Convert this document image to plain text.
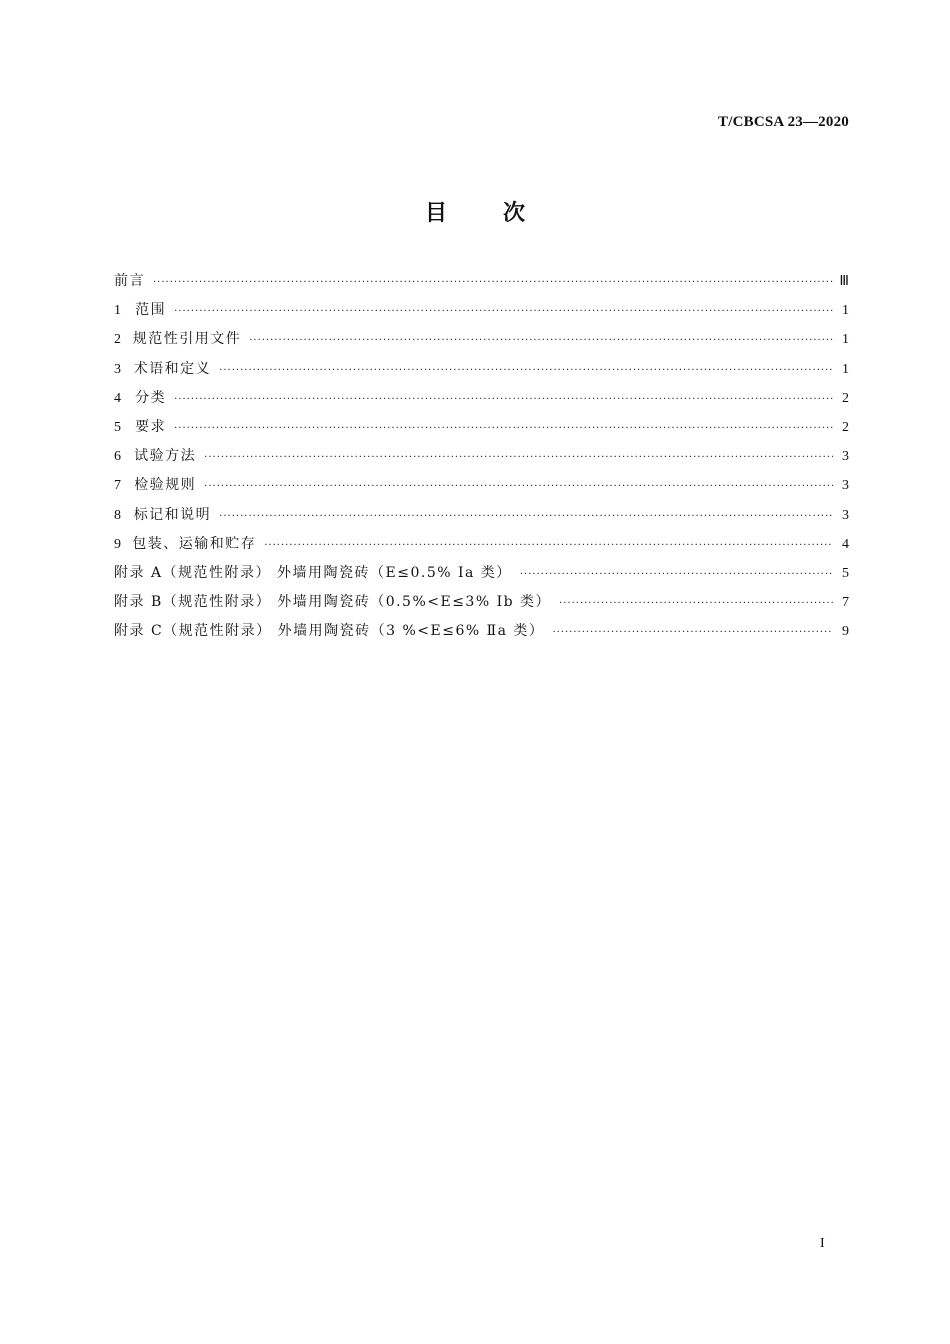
T/CBCSA 23—2020
目	次
前言 ·····	Ⅲ
1	范围 ·····	1
2 规范性引用文件 ·····	1
3 术语和定义 ·····	1
4	分类 ·····	2
5	要求 ·····	2
6 试验方法 ·····	3
7 检验规则 ·····	3
8 标记和说明 ·····	3
9 包装、运输和贮存 ·····	4
附录 A（规范性附录） 外墙用陶瓷砖（E≤0.5% Ⅰa 类） ·····	5
附录 B（规范性附录） 外墙用陶瓷砖（0.5%<E≤3% Ⅰb 类） ·····	7
附录 C（规范性附录） 外墙用陶瓷砖（3 %<E≤6% Ⅱa 类） ·····	9
I
